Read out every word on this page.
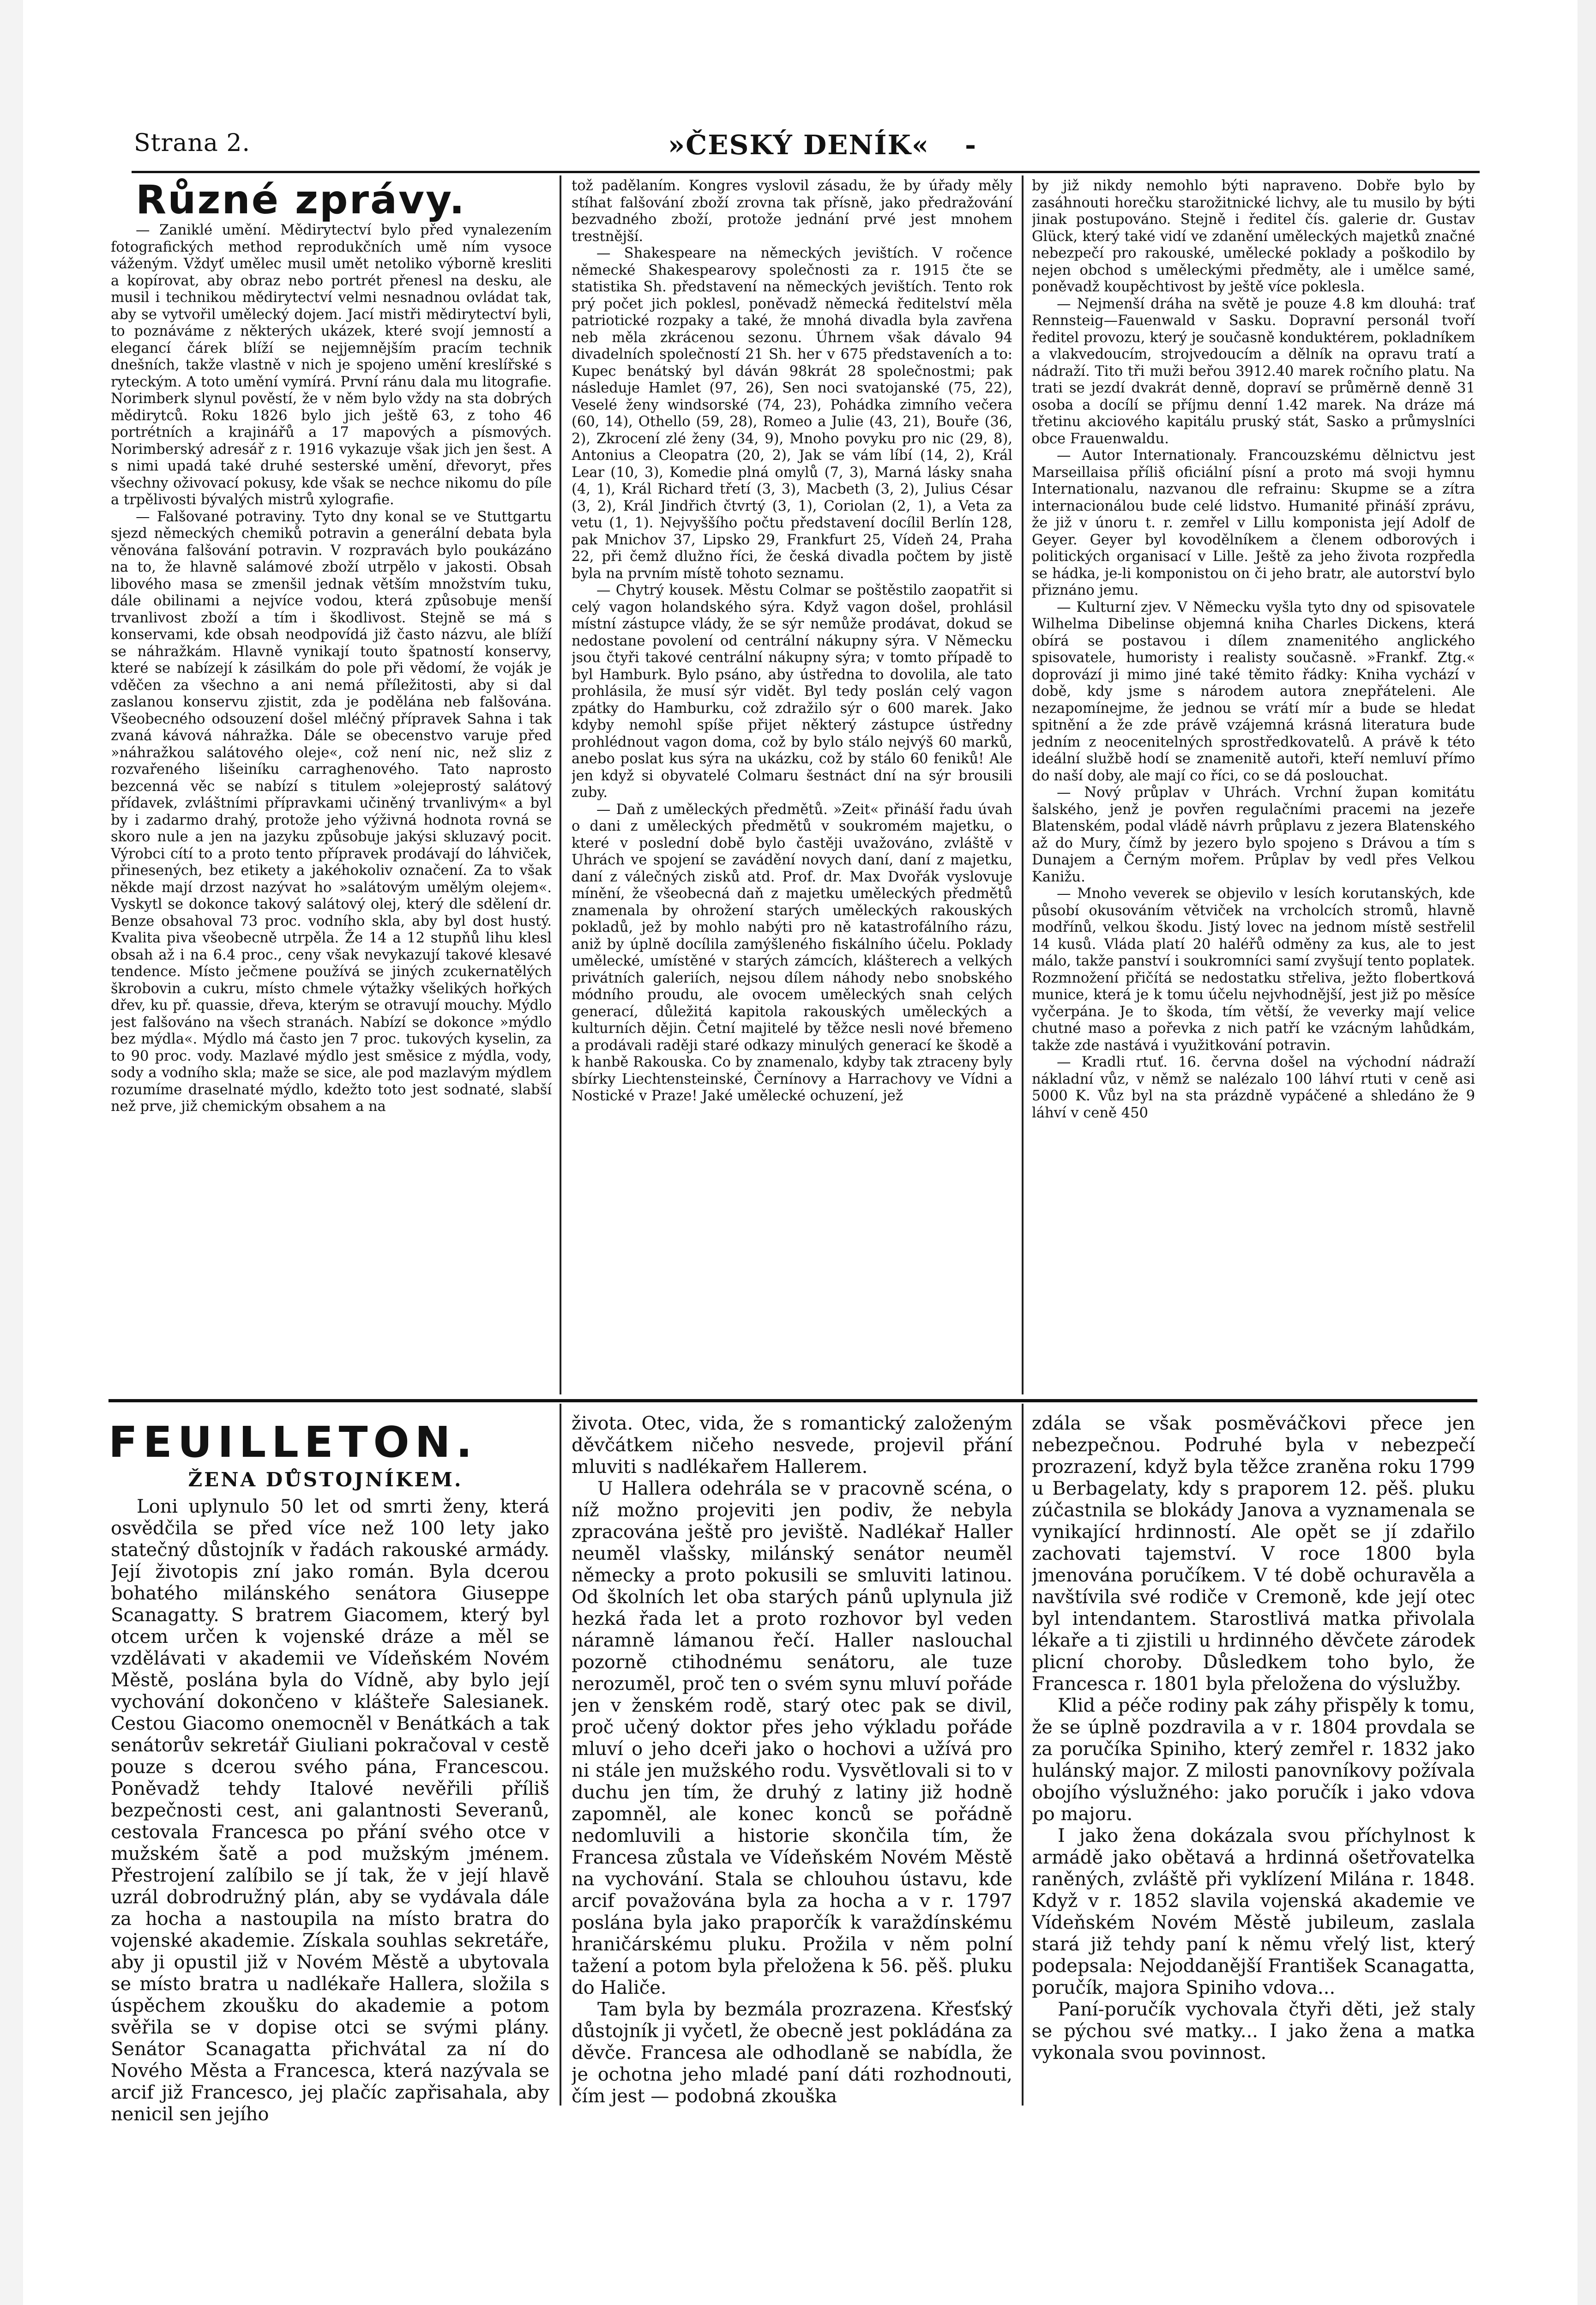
Strana 2.	»ČESKÝ DENÍK«	-

Různé zprávy.

— Zaniklé umění. Mědirytectví bylo před vynalezením fotografických method reprodukčních umě ním vysoce váženým. Vždyť umělec musil umět netoliko výborně kresliti a kopírovat, aby obraz nebo portrét přenesl na desku, ale musil i technikou mědirytectví velmi nesnadnou ovládat tak, aby se vytvořil umělecký dojem. Jací mistři mědirytectví byli, to poznáváme z některých ukázek, které svojí jemností a elegancí čárek blíží se nejjemnějším pracím technik dnešních, takže vlastně v nich je spojeno umění kreslířské s ryteckým. A toto umění vymírá. První ránu dala mu litografie. Norimberk slynul pověstí, že v něm bylo vždy na sta dobrých mědirytců. Roku 1826 bylo jich ještě 63, z toho 46 portrétních a krajinářů a 17 mapových a písmových. Norimberský adresář z r. 1916 vykazuje však jich jen šest. A s nimi upadá také druhé sesterské umění, dřevoryt, přes všechny oživovací pokusy, kde však se nechce nikomu do píle a trpělivosti bývalých mistrů xylografie.

— Falšované potraviny. Tyto dny konal se ve Stuttgartu sjezd německých chemiků potravin a generální debata byla věnována falšování potravin. V rozpravách bylo poukázáno na to, že hlavně salámové zboží utrpělo v jakosti. Obsah libového masa se zmenšil jednak větším množstvím tuku, dále obilinami a nejvíce vodou, která způsobuje menší trvanlivost zboží a tím i škodlivost. Stejně se má s konservami, kde obsah neodpovídá již často názvu, ale blíží se náhražkám. Hlavně vynikají touto špatností konservy, které se nabízejí k zásilkám do pole při vědomí, že voják je vděčen za všechno a ani nemá příležitosti, aby si dal zaslanou konservu zjistit, zda je podělána neb falšována. Všeobecného odsouzení došel mléčný přípravek Sahna i tak zvaná kávová náhražka. Dále se obecenstvo varuje před »náhražkou salátového oleje«, což není nic, než sliz z rozvařeného lišeiníku carraghenového. Tato naprosto bezcenná věc se nabízí s titulem »olejeprostý salátový přídavek, zvláštními přípravkami učiněný trvanlivým« a byl by i zadarmo drahý, protože jeho výživná hodnota rovná se skoro nule a jen na jazyku způsobuje jakýsi skluzavý pocit. Výrobci cítí to a proto tento přípravek prodávají do láhviček, přinesených, bez etikety a jakéhokoliv označení. Za to však někde mají drzost nazývat ho »salátovým umělým olejem«. Vyskytl se dokonce takový salátový olej, který dle sdělení dr. Benze obsahoval 73 proc. vodního skla, aby byl dost hustý. Kvalita piva všeobecně utrpěla. Že 14 a 12 stupňů lihu klesl obsah až i na 6.4 proc., ceny však nevykazují takové klesavé tendence. Místo ječmene používá se jiných zcukernatělých škrobovin a cukru, místo chmele výtažky všelikých hořkých dřev, ku př. quassie, dřeva, kterým se otravují mouchy. Mýdlo jest falšováno na všech stranách. Nabízí se dokonce »mýdlo bez mýdla«. Mýdlo má často jen 7 proc. tukových kyselin, za to 90 proc. vody. Mazlavé mýdlo jest směsice z mýdla, vody, sody a vodního skla; maže se sice, ale pod mazlavým mýdlem rozumíme draselnaté mýdlo, kdežto toto jest sodnaté, slabší než prve, již chemickým obsahem a na

tož padělaním. Kongres vyslovil zásadu, že by úřady měly stíhat falšování zboží zrovna tak přísně, jako předražování bezvadného zboží, protože jednání prvé jest mnohem trestnější.

— Shakespeare na německých jevištích. V ročence německé Shakespearovy společnosti za r. 1915 čte se statistika Sh. představení na německých jevištích. Tento rok prý počet jich poklesl, poněvadž německá ředitelství měla patriotické rozpaky a také, že mnohá divadla byla zavřena neb měla zkrácenou sezonu. Úhrnem však dávalo 94 divadelních společností 21 Sh. her v 675 představeních a to: Kupec benátský byl dáván 98krát 28 společnostmi; pak následuje Hamlet (97, 26), Sen noci svatojanské (75, 22), Veselé ženy windsorské (74, 23), Pohádka zimního večera (60, 14), Othello (59, 28), Romeo a Julie (43, 21), Bouře (36, 2), Zkrocení zlé ženy (34, 9), Mnoho povyku pro nic (29, 8), Antonius a Cleopatra (20, 2), Jak se vám líbí (14, 2), Král Lear (10, 3), Komedie plná omylů (7, 3), Marná lásky snaha (4, 1), Král Richard třetí (3, 3), Macbeth (3, 2), Julius César (3, 2), Král Jindřich čtvrtý (3, 1), Coriolan (2, 1), a Veta za vetu (1, 1). Nejvyššího počtu představení docílil Berlín 128, pak Mnichov 37, Lipsko 29, Frankfurt 25, Vídeň 24, Praha 22, při čemž dlužno říci, že česká divadla počtem by jistě byla na prvním místě tohoto seznamu.

— Chytrý kousek. Městu Colmar se poštěstilo zaopatřit si celý vagon holandského sýra. Když vagon došel, prohlásil místní zástupce vlády, že se sýr nemůže prodávat, dokud se nedostane povolení od centrální nákupny sýra. V Německu jsou čtyři takové centrální nákupny sýra; v tomto případě to byl Hamburk. Bylo psáno, aby ústředna to dovolila, ale tato prohlásila, že musí sýr vidět. Byl tedy poslán celý vagon zpátky do Hamburku, což zdražilo sýr o 600 marek. Jako kdyby nemohl spíše přijet některý zástupce ústředny prohlédnout vagon doma, což by bylo stálo nejvýš 60 marků, anebo poslat kus sýra na ukázku, což by stálo 60 feniků! Ale jen když si obyvatelé Colmaru šestnáct dní na sýr brousili zuby.

— Daň z uměleckých předmětů. »Zeit« přináší řadu úvah o dani z uměleckých předmětů v soukromém majetku, o které v poslední době bylo častěji uvažováno, zvláště v Uhrách ve spojení se zavádění novych daní, daní z majetku, daní z válečných zisků atd. Prof. dr. Max Dvořák vyslovuje mínění, že všeobecná daň z majetku uměleckých předmětů znamenala by ohrožení starých uměleckých rakouských pokladů, jež by mohlo nabýti pro ně katastrofálního rázu, aniž by úplně docílila zamýšleného fiskálního účelu. Poklady umělecké, umístěné v starých zámcích, klášterech a velkých privátních galeriích, nejsou dílem náhody nebo snobského módního proudu, ale ovocem uměleckých snah celých generací, důležitá kapitola rakouských uměleckých a kulturních dějin. Četní majitelé by těžce nesli nové břemeno a prodávali raději staré odkazy minulých generací ke škodě a k hanbě Rakouska. Co by znamenalo, kdyby tak ztraceny byly sbírky Liechtensteinské, Černínovy a Harrachovy ve Vídni a Nostické v Praze! Jaké umělecké ochuzení, jež

by již nikdy nemohlo býti napraveno. Dobře bylo by zasáhnouti horečku starožitnické lichvy, ale tu musilo by býti jinak postupováno. Stejně i ředitel čís. galerie dr. Gustav Glück, který také vidí ve zdanění uměleckých majetků značné nebezpečí pro rakouské, umělecké poklady a poškodilo by nejen obchod s uměleckými předměty, ale i umělce samé, poněvadž koupěchtivost by ještě více poklesla.

— Nejmenší dráha na světě je pouze 4.8 km dlouhá: trať Rennsteig—Fauenwald v Sasku. Dopravní personál tvoří ředitel provozu, který je současně konduktérem, pokladníkem a vlakvedoucím, strojvedoucím a dělník na opravu tratí a nádraží. Tito tři muži beřou 3912.40 marek ročního platu. Na trati se jezdí dvakrát denně, dopraví se průměrně denně 31 osoba a docílí se příjmu denní 1.42 marek. Na dráze má třetinu akciového kapitálu pruský stát, Sasko a průmyslníci obce Frauenwaldu.

— Autor Internationaly. Francouzskému dělnictvu jest Marseillaisa příliš oficiální písní a proto má svoji hymnu Internationalu, nazvanou dle refrainu: Skupme se a zítra internacionálou bude celé lidstvo. Humanité přináší zprávu, že již v únoru t. r. zemřel v Lillu komponista její Adolf de Geyer. Geyer byl kovodělníkem a členem odborových i politických organisací v Lille. Ještě za jeho života rozpředla se hádka, je-li komponistou on či jeho bratr, ale autorství bylo přiznáno jemu.

— Kulturní zjev. V Německu vyšla tyto dny od spisovatele Wilhelma Dibelinse objemná kniha Charles Dickens, která obírá se postavou i dílem znamenitého anglického spisovatele, humoristy i realisty současně. »Frankf. Ztg.« doprovází ji mimo jiné také těmito řádky: Kniha vychází v době, kdy jsme s národem autora znepřáteleni. Ale nezapomínejme, že jednou se vrátí mír a bude se hledat spitnění a že zde právě vzájemná krásná literatura bude jedním z neocenitelných sprostředkovatelů. A právě k této ideální službě hodí se znamenitě autoři, kteří nemluví přímo do naší doby, ale mají co říci, co se dá poslouchat.

— Nový průplav v Uhrách. Vrchní župan komitátu šalského, jenž je povřen regulačními pracemi na jezeře Blatenském, podal vládě návrh průplavu z jezera Blatenského až do Mury, čímž by jezero bylo spojeno s Drávou a tím s Dunajem a Černým mořem. Průplav by vedl přes Velkou Kanižu.

— Mnoho veverek se objevilo v lesích korutanských, kde působí okusováním větviček na vrcholcích stromů, hlavně modřínů, velkou škodu. Jistý lovec na jednom místě sestřelil 14 kusů. Vláda platí 20 haléřů odměny za kus, ale to jest málo, takže panství i soukromníci samí zvyšují tento poplatek. Rozmnožení přičítá se nedostatku střeliva, ježto flobertková munice, která je k tomu účelu nejvhodnější, jest již po měsíce vyčerpána. Je to škoda, tím větší, že veverky mají velice chutné maso a pořevka z nich patří ke vzácným lahůdkám, takže zde nastává i využitkování potravin.

— Kradli rtuť. 16. června došel na východní nádraží nákladní vůz, v němž se nalézalo 100 láhví rtuti v ceně asi 5000 K. Vůz byl na sta prázdně vypáčené a shledáno že 9 láhví v ceně 450

FEUILLETON.
ŽENA DŮSTOJNÍKEM.

Loni uplynulo 50 let od smrti ženy, která osvědčila se před více než 100 lety jako statečný důstojník v řadách rakouské armády. Její životopis zní jako román. Byla dcerou bohatého milánského senátora Giuseppe Scanagatty. S bratrem Giacomem, který byl otcem určen k vojenské dráze a měl se vzdělávati v akademii ve Vídeňském Novém Městě, poslána byla do Vídně, aby bylo její vychování dokončeno v klášteře Salesianek. Cestou Giacomo onemocněl v Benátkách a tak senátorův sekretář Giuliani pokračoval v cestě pouze s dcerou svého pána, Francescou. Poněvadž tehdy Italové nevěřili příliš bezpečnosti cest, ani galantnosti Severanů, cestovala Francesca po přání svého otce v mužském šatě a pod mužským jménem. Přestrojení zalíbilo se jí tak, že v její hlavě uzrál dobrodružný plán, aby se vydávala dále za hocha a nastoupila na místo bratra do vojenské akademie. Získala souhlas sekretáře, aby ji opustil již v Novém Městě a ubytovala se místo bratra u nadlékaře Hallera, složila s úspěchem zkoušku do akademie a potom svěřila se v dopise otci se svými plány. Senátor Scanagatta přichvátal za ní do Nového Města a Francesca, která nazývala se arcif již Francesco, jej plačíc zapřisahala, aby nenicil sen jejího

života. Otec, vida, že s romantický založeným děvčátkem ničeho nesvede, projevil přání mluviti s nadlékařem Hallerem.

U Hallera odehrála se v pracovně scéna, o níž možno projeviti jen podiv, že nebyla zpracována ještě pro jeviště. Nadlékař Haller neuměl vlašsky, milánský senátor neuměl německy a proto pokusili se smluviti latinou. Od školních let oba starých pánů uplynula již hezká řada let a proto rozhovor byl veden náramně lámanou řečí. Haller naslouchal pozorně ctihodnému senátoru, ale tuze nerozuměl, proč ten o svém synu mluví pořáde jen v ženském rodě, starý otec pak se divil, proč učený doktor přes jeho výkladu pořáde mluví o jeho dceři jako o hochovi a užívá pro ni stále jen mužského rodu. Vysvětlovali si to v duchu jen tím, že druhý z latiny již hodně zapomněl, ale konec konců se pořádně nedomluvili a historie skončila tím, že Francesa zůstala ve Vídeňském Novém Městě na vychování. Stala se chlouhou ústavu, kde arcif považována byla za hocha a v r. 1797 poslána byla jako praporčík k varaždínskému hraničárskému pluku. Prožila v něm polní tažení a potom byla přeložena k 56. pěš. pluku do Haliče.

Tam byla by bezmála prozrazena. Křesťský důstojník ji vyčetl, že obecně jest pokládána za děvče. Francesa ale odhodlaně se nabídla, že je ochotna jeho mladé paní dáti rozhodnouti, čím jest — podobná zkouška

zdála se však posměváčkovi přece jen nebezpečnou. Podruhé byla v nebezpečí prozrazení, když byla těžce zraněna roku 1799 u Berbagelaty, kdy s praporem 12. pěš. pluku zúčastnila se blokády Janova a vyznamenala se vynikající hrdinností. Ale opět se jí zdařilo zachovati tajemství. V roce 1800 byla jmenována poručíkem. V té době ochuravěla a navštívila své rodiče v Cremoně, kde její otec byl intendantem. Starostlivá matka přivolala lékaře a ti zjistili u hrdinného děvčete zárodek plicní choroby. Důsledkem toho bylo, že Francesca r. 1801 byla přeložena do výslužby.

Klid a péče rodiny pak záhy přispěly k tomu, že se úplně pozdravila a v r. 1804 provdala se za poručíka Spiniho, který zemřel r. 1832 jako hulánský major. Z milosti panovníkovy požívala obojího výslužného: jako poručík i jako vdova po majoru.

I jako žena dokázala svou příchylnost k armádě jako obětavá a hrdinná ošetřovatelka raněných, zvláště při vyklízení Milána r. 1848. Když v r. 1852 slavila vojenská akademie ve Vídeňském Novém Městě jubileum, zaslala stará již tehdy paní k němu vřelý list, který podepsala: Nejoddanější František Scanagatta, poručík, majora Spiniho vdova...

Paní-poručík vychovala čtyři děti, jež staly se pýchou své matky... I jako žena a matka vykonala svou povinnost.
